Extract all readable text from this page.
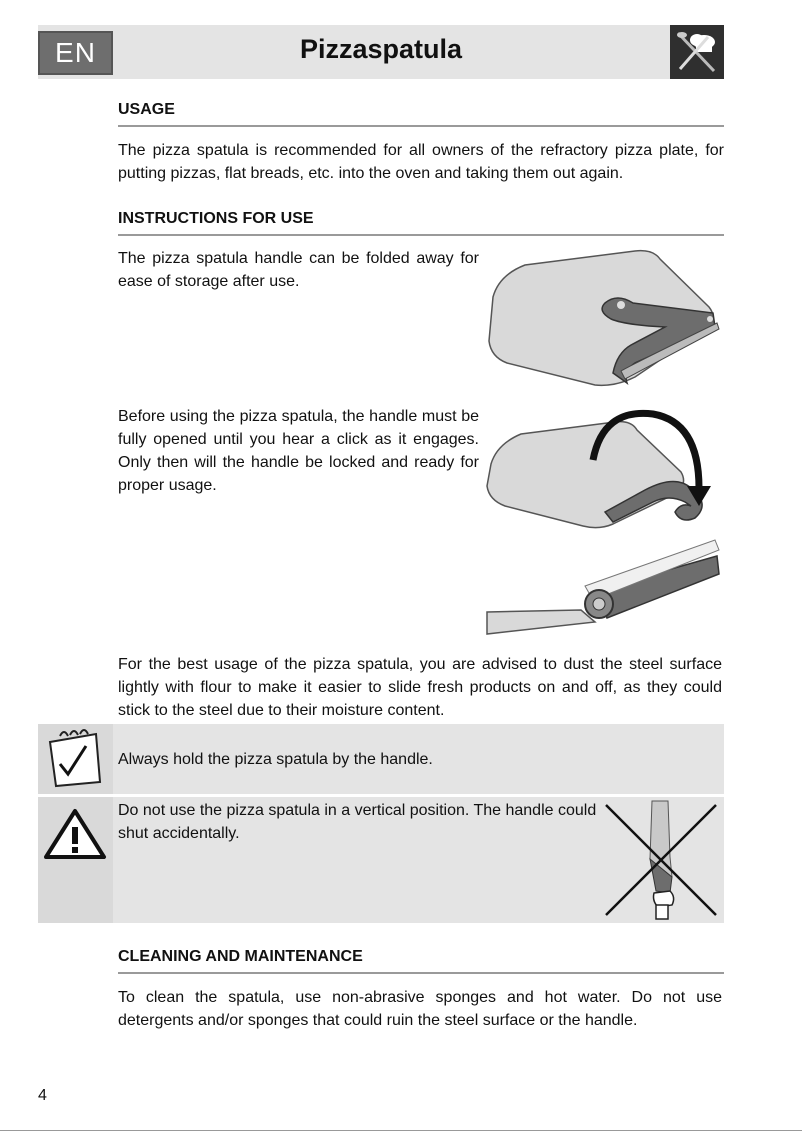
EN	Pizzaspatula
USAGE
The pizza spatula is recommended for all owners of the refractory pizza plate, for putting pizzas, flat breads, etc. into the oven and taking them out again.
INSTRUCTIONS FOR USE
The pizza spatula handle can be folded away for ease of storage after use.
Before using the pizza spatula, the handle must be fully opened until you hear a click as it engages. Only then will the handle be locked and ready for proper usage.
For the best usage of the pizza spatula, you are advised to dust the steel surface lightly with flour to make it easier to slide fresh products on and off, as they could stick to the steel due to their moisture content.
Always hold the pizza spatula by the handle.
Do not use the pizza spatula in a vertical position. The handle could shut accidentally.
CLEANING AND MAINTENANCE
To clean the spatula, use non-abrasive sponges and hot water. Do not use detergents and/or sponges that could ruin the steel surface or the handle.
4
